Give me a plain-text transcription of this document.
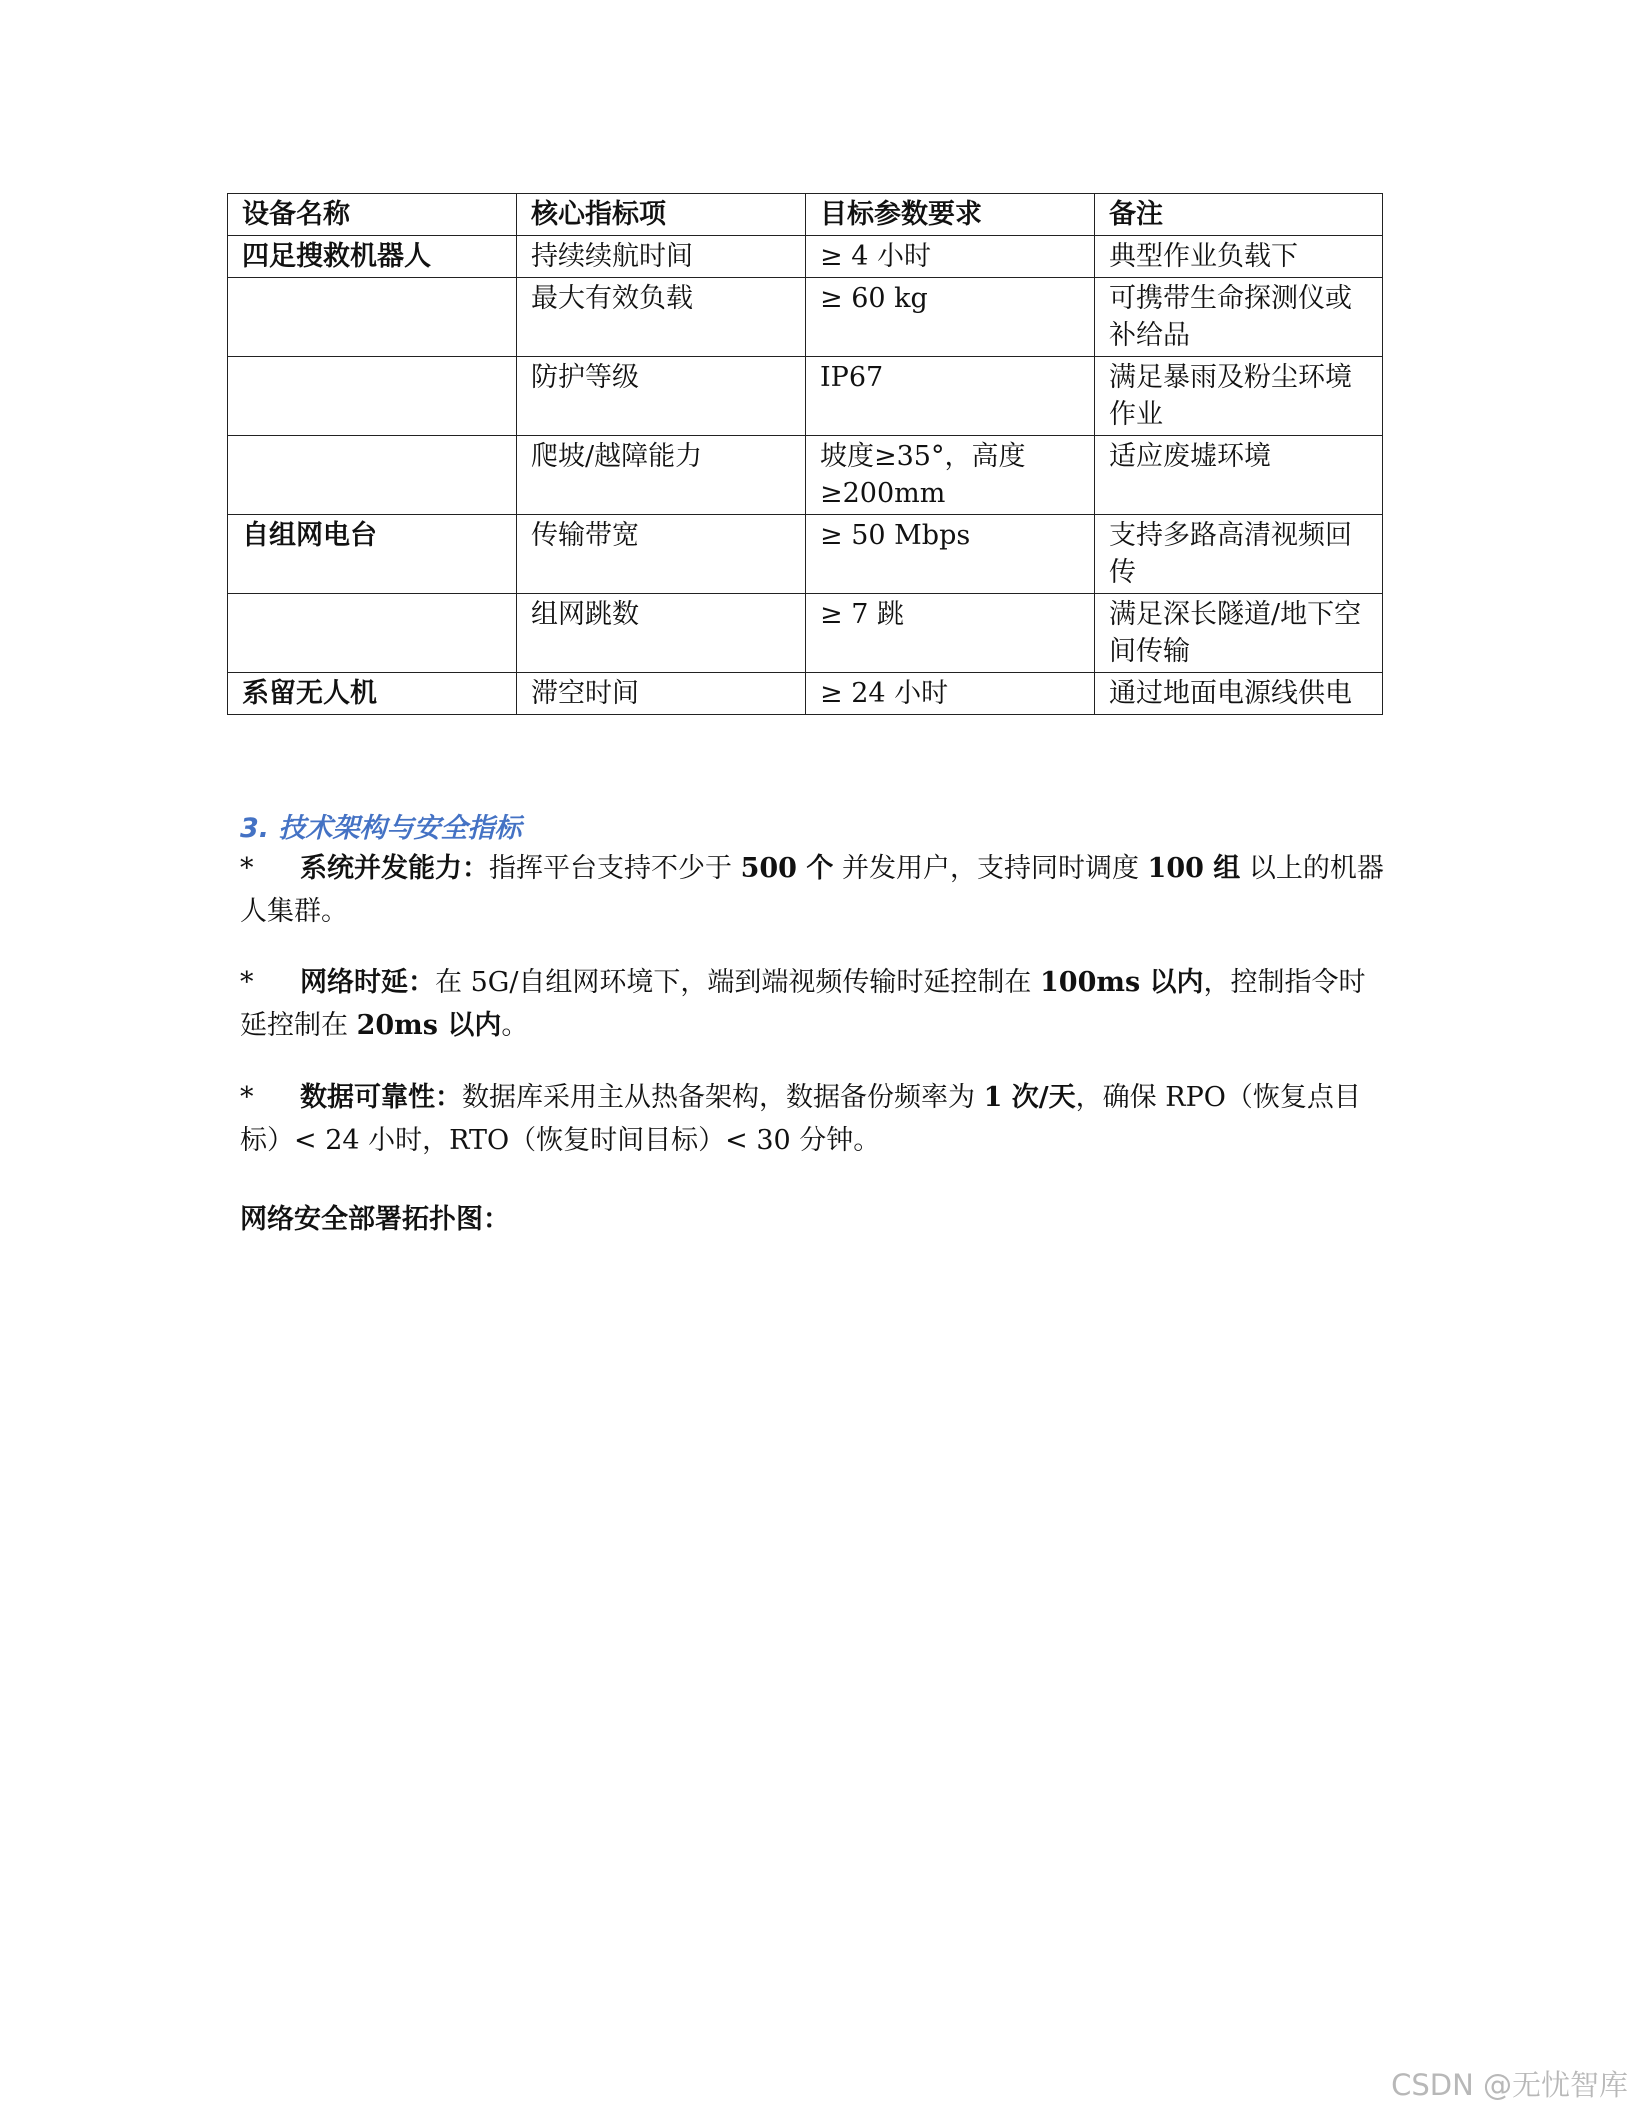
设备名称	核心指标项	目标参数要求	备注
四足搜救机器人	持续续航时间	≥ 4 小时	典型作业负载下
	最大有效负载	≥ 60 kg	可携带生命探测仪或补给品
	防护等级	IP67	满足暴雨及粉尘环境作业
	爬坡/越障能力	坡度≥35°，高度≥200mm	适应废墟环境
自组网电台	传输带宽	≥ 50 Mbps	支持多路高清视频回传
	组网跳数	≥ 7 跳	满足深长隧道/地下空间传输
系留无人机	滞空时间	≥ 24 小时	通过地面电源线供电
3. 技术架构与安全指标

* 系统并发能力：指挥平台支持不少于 500 个 并发用户，支持同时调度 100 组 以上的机器人集群。

* 网络时延：在 5G/自组网环境下，端到端视频传输时延控制在 100ms 以内，控制指令时延控制在 20ms 以内。

* 数据可靠性：数据库采用主从热备架构，数据备份频率为 1 次/天，确保 RPO（恢复点目标）< 24 小时，RTO（恢复时间目标）< 30 分钟。

网络安全部署拓扑图：

CSDN @无忧智库
